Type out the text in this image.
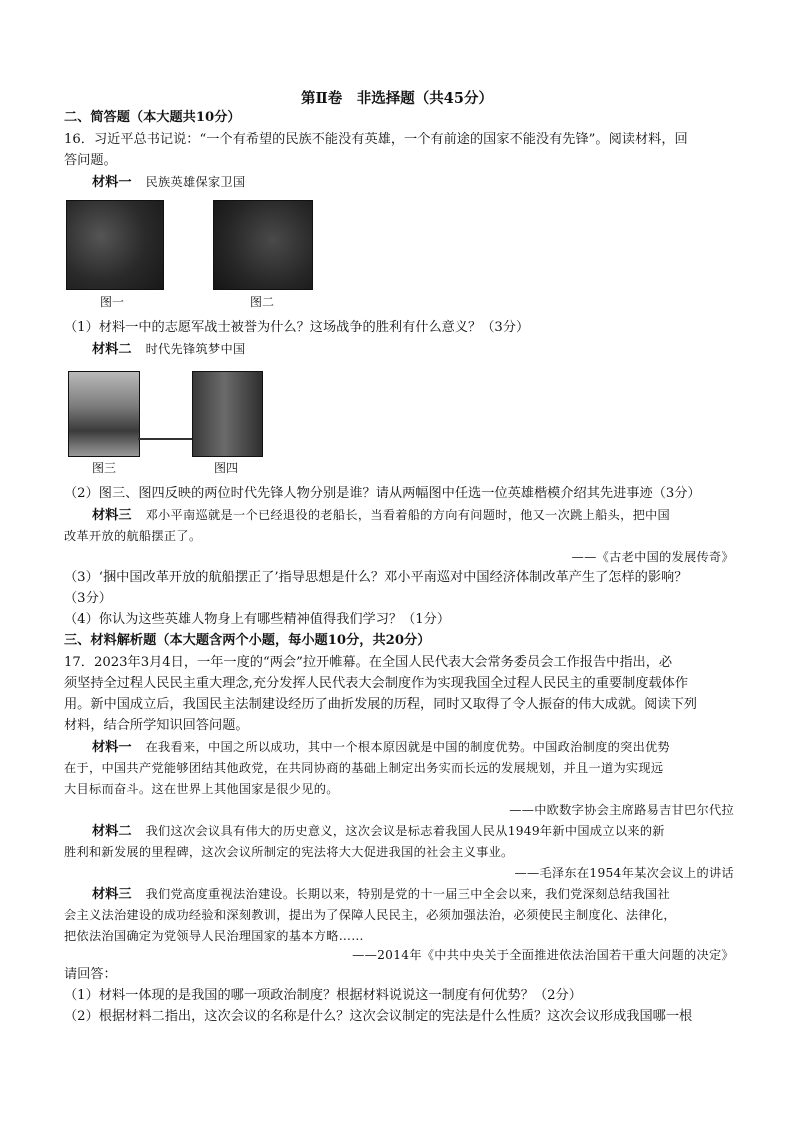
第Ⅱ卷　非选择题（共45分）
二、简答题（本大题共10分）
16．习近平总书记说：“一个有希望的民族不能没有英雄，一个有前途的国家不能没有先锋”。阅读材料，回
答问题。
材料一 民族英雄保家卫国
图一	图二
（1）材料一中的志愿军战士被誉为什么？这场战争的胜利有什么意义？（3分）
材料二 时代先锋筑梦中国
图三	图四
（2）图三、图四反映的两位时代先锋人物分别是谁？请从两幅图中任选一位英雄楷模介绍其先进事迹（3分）
材料三 邓小平南巡就是一个已经退役的老船长，当看着船的方向有问题时，他又一次跳上船头，把中国
改革开放的航船摆正了。
——《古老中国的发展传奇》
（3）‘捆中国改革开放的航船摆正了’指导思想是什么？邓小平南巡对中国经济体制改革产生了怎样的影响？
（3分）
（4）你认为这些英雄人物身上有哪些精神值得我们学习？（1分）
三、材料解析题（本大题含两个小题，每小题10分，共20分）
17．2023年3月4日，一年一度的“两会”拉开帷幕。在全国人民代表大会常务委员会工作报告中指出，必
须坚持全过程人民民主重大理念,充分发挥人民代表大会制度作为实现我国全过程人民民主的重要制度载体作
用。新中国成立后，我国民主法制建设经历了曲折发展的历程，同时又取得了令人振奋的伟大成就。阅读下列
材料，结合所学知识回答问题。
材料一 在我看来，中国之所以成功，其中一个根本原因就是中国的制度优势。中国政治制度的突出优势
在于，中国共产党能够团结其他政党，在共同协商的基础上制定出务实而长远的发展规划，并且一道为实现远
大目标而奋斗。这在世界上其他国家是很少见的。
——中欧数字协会主席路易吉甘巴尔代拉
材料二 我们这次会议具有伟大的历史意义，这次会议是标志着我国人民从1949年新中国成立以来的新
胜利和新发展的里程碑，这次会议所制定的宪法将大大促进我国的社会主义事业。
——毛泽东在1954年某次会议上的讲话
材料三 我们党高度重视法治建设。长期以来，特别是党的十一届三中全会以来，我们党深刻总结我国社
会主义法治建设的成功经验和深刻教训，提出为了保障人民民主，必须加强法治，必须使民主制度化、法律化，
把依法治国确定为党领导人民治理国家的基本方略……
——2014年《中共中央关于全面推进依法治国若干重大问题的决定》
请回答：
（1）材料一体现的是我国的哪一项政治制度？根据材料说说这一制度有何优势？（2分）
（2）根据材料二指出，这次会议的名称是什么？这次会议制定的宪法是什么性质？这次会议形成我国哪一根
